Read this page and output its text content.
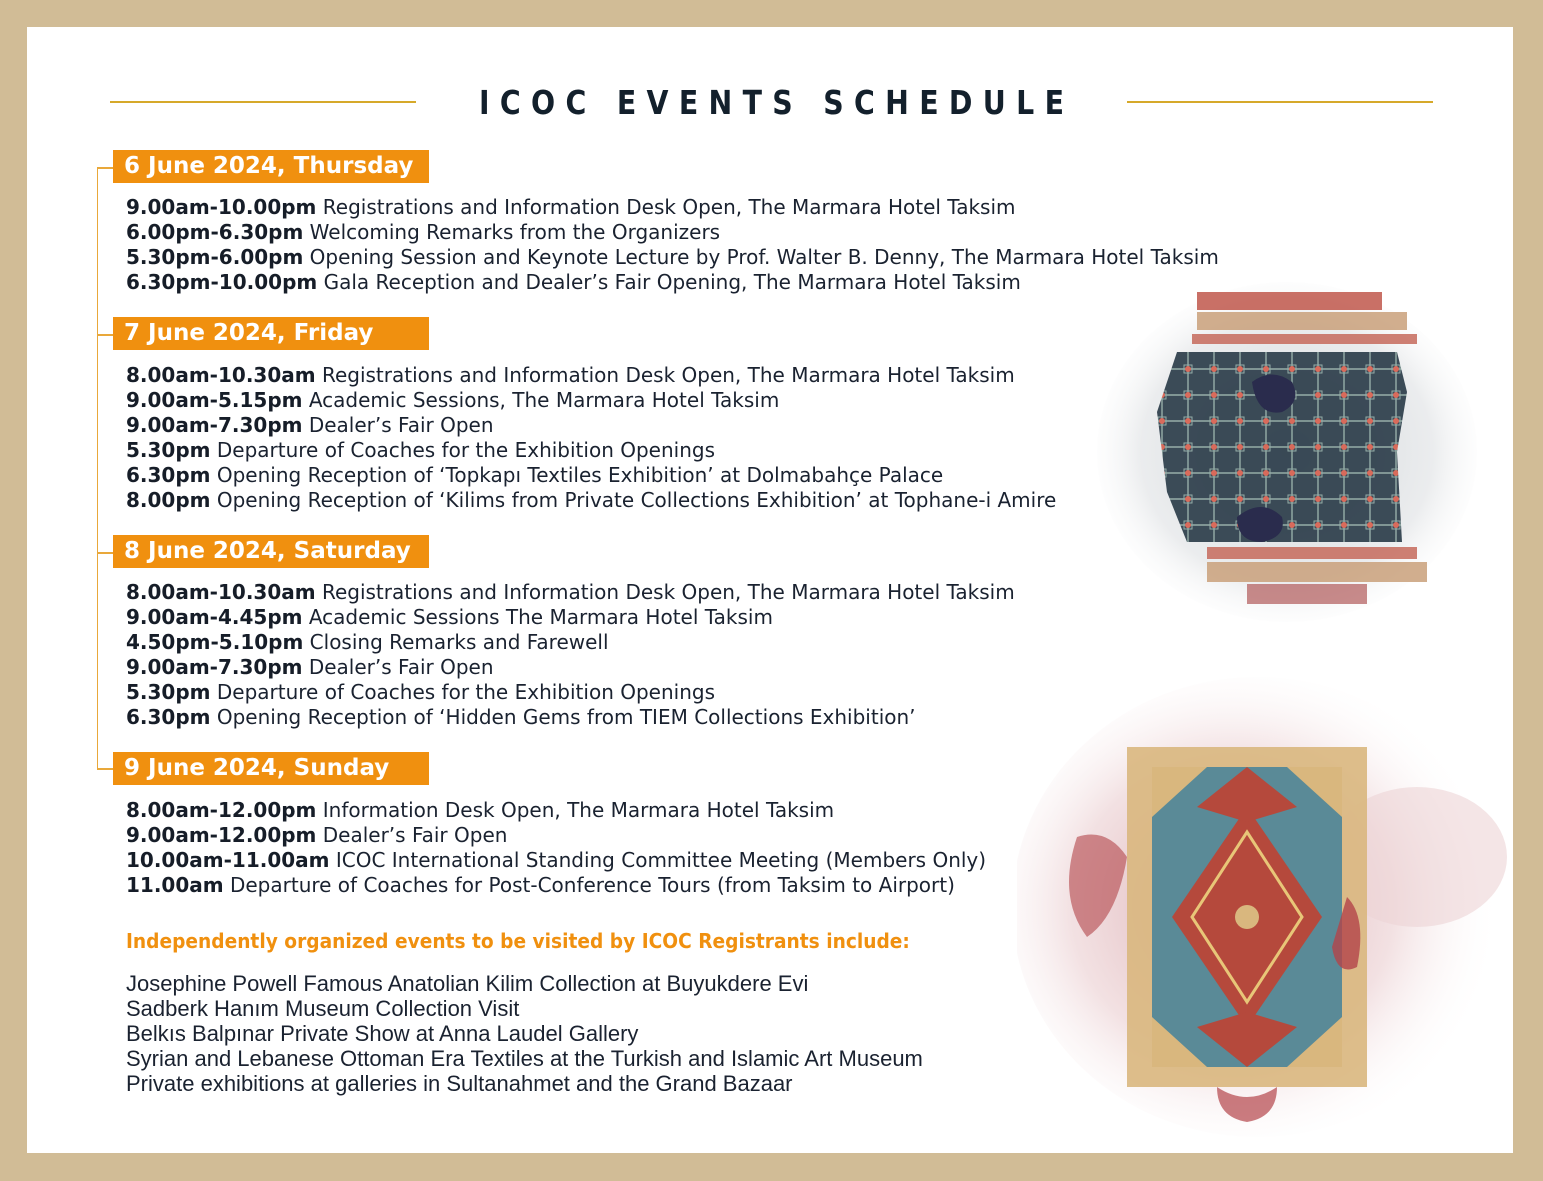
ICOC EVENTS SCHEDULE
6 June 2024, Thursday
9.00am-10.00pm Registrations and Information Desk Open, The Marmara Hotel Taksim
6.00pm-6.30pm Welcoming Remarks from the Organizers
5.30pm-6.00pm Opening Session and Keynote Lecture by Prof. Walter B. Denny, The Marmara Hotel Taksim
6.30pm-10.00pm Gala Reception and Dealer’s Fair Opening, The Marmara Hotel Taksim
7 June 2024, Friday
8.00am-10.30am Registrations and Information Desk Open, The Marmara Hotel Taksim
9.00am-5.15pm Academic Sessions, The Marmara Hotel Taksim
9.00am-7.30pm Dealer’s Fair Open
5.30pm Departure of Coaches for the Exhibition Openings
6.30pm Opening Reception of ‘Topkapı Textiles Exhibition’ at Dolmabahçe Palace
8.00pm Opening Reception of ‘Kilims from Private Collections Exhibition’ at Tophane-i Amire
8 June 2024, Saturday
8.00am-10.30am Registrations and Information Desk Open, The Marmara Hotel Taksim
9.00am-4.45pm Academic Sessions The Marmara Hotel Taksim
4.50pm-5.10pm Closing Remarks and Farewell
9.00am-7.30pm Dealer’s Fair Open
5.30pm Departure of Coaches for the Exhibition Openings
6.30pm Opening Reception of ‘Hidden Gems from TIEM Collections Exhibition’
9 June 2024, Sunday
8.00am-12.00pm Information Desk Open, The Marmara Hotel Taksim
9.00am-12.00pm Dealer’s Fair Open
10.00am-11.00am ICOC International Standing Committee Meeting (Members Only)
11.00am Departure of Coaches for Post-Conference Tours (from Taksim to Airport)
Independently organized events to be visited by ICOC Registrants include:
Josephine Powell Famous Anatolian Kilim Collection at Buyukdere Evi
Sadberk Hanım Museum Collection Visit
Belkıs Balpınar Private Show at Anna Laudel Gallery
Syrian and Lebanese Ottoman Era Textiles at the Turkish and Islamic Art Museum
Private exhibitions at galleries in Sultanahmet and the Grand Bazaar
